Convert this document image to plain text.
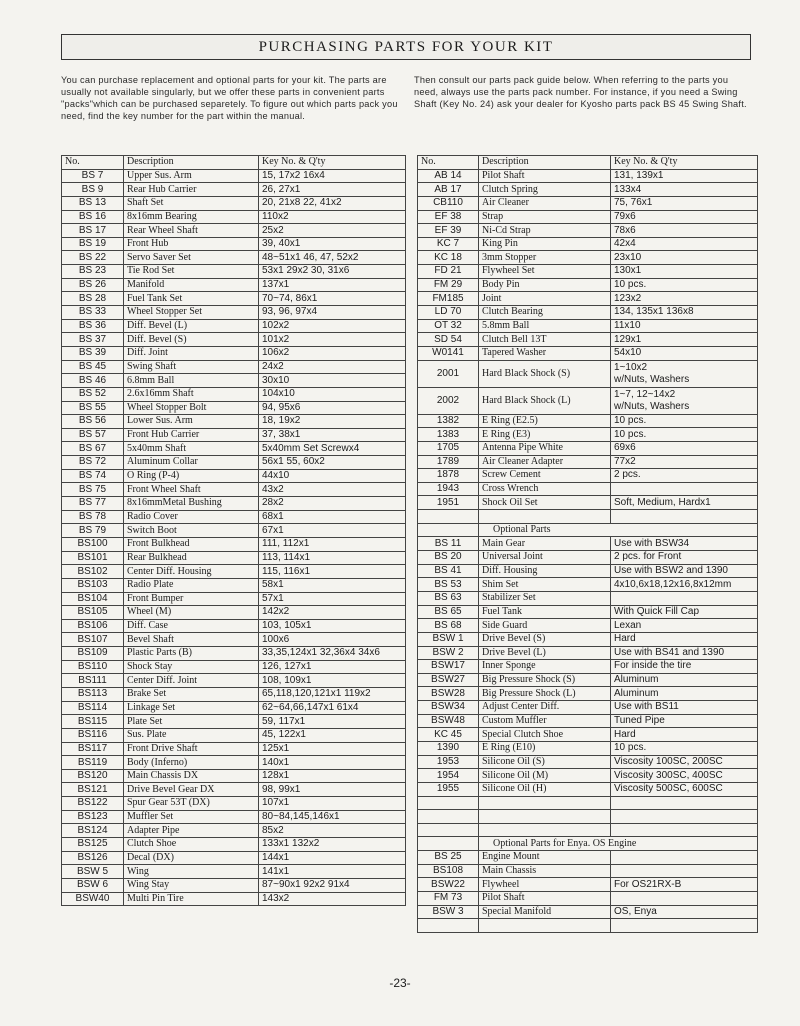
PURCHASING PARTS FOR YOUR KIT

You can purchase replacement and optional parts for your kit. The parts are usually not available singularly, but we offer these parts in convenient parts "packs"which can be purchased separetely. To figure out which parts pack you need, find the key number for the part within the manual.

Then consult our parts pack guide below. When referring to the parts you need, always use the parts pack number. For instance, if you need a Swing Shaft (Key No. 24) ask your dealer for Kyosho parts pack BS 45 Swing Shaft.

No.	Description	Key No. & Q'ty
BS 7	Upper Sus. Arm	15, 17x2 16x4
BS 9	Rear Hub Carrier	26, 27x1
BS 13	Shaft Set	20, 21x8 22, 41x2
BS 16	8x16mm Bearing	110x2
BS 17	Rear Wheel Shaft	25x2
BS 19	Front Hub	39, 40x1
BS 22	Servo Saver Set	48~51x1 46, 47, 52x2
BS 23	Tie Rod Set	53x1 29x2 30, 31x6
BS 26	Manifold	137x1
BS 28	Fuel Tank Set	70~74, 86x1
BS 33	Wheel Stopper Set	93, 96, 97x4
BS 36	Diff. Bevel (L)	102x2
BS 37	Diff. Bevel (S)	101x2
BS 39	Diff. Joint	106x2
BS 45	Swing Shaft	24x2
BS 46	6.8mm Ball	30x10
BS 52	2.6x16mm Shaft	104x10
BS 55	Wheel Stopper Bolt	94, 95x6
BS 56	Lower Sus. Arm	18, 19x2
BS 57	Front Hub Carrier	37, 38x1
BS 67	5x40mm Shaft	5x40mm Set Screwx4
BS 72	Aluminum Collar	56x1 55, 60x2
BS 74	O Ring (P-4)	44x10
BS 75	Front Wheel Shaft	43x2
BS 77	8x16mmMetal Bushing	28x2
BS 78	Radio Cover	68x1
BS 79	Switch Boot	67x1
BS100	Front Bulkhead	111, 112x1
BS101	Rear Bulkhead	113, 114x1
BS102	Center Diff. Housing	115, 116x1
BS103	Radio Plate	58x1
BS104	Front Bumper	57x1
BS105	Wheel (M)	142x2
BS106	Diff. Case	103, 105x1
BS107	Bevel Shaft	100x6
BS109	Plastic Parts (B)	33,35,124x1 32,36x4 34x6
BS110	Shock Stay	126, 127x1
BS111	Center Diff. Joint	108, 109x1
BS113	Brake Set	65,118,120,121x1 119x2
BS114	Linkage Set	62~64,66,147x1 61x4
BS115	Plate Set	59, 117x1
BS116	Sus. Plate	45, 122x1
BS117	Front Drive Shaft	125x1
BS119	Body (Inferno)	140x1
BS120	Main Chassis DX	128x1
BS121	Drive Bevel Gear DX	98, 99x1
BS122	Spur Gear 53T (DX)	107x1
BS123	Muffler Set	80~84,145,146x1
BS124	Adapter Pipe	85x2
BS125	Clutch Shoe	133x1 132x2
BS126	Decal (DX)	144x1
BSW 5	Wing	141x1
BSW 6	Wing Stay	87~90x1 92x2 91x4
BSW40	Multi Pin Tire	143x2
No.	Description	Key No. & Q'ty
AB 14	Pilot Shaft	131, 139x1
AB 17	Clutch Spring	133x4
CB110	Air Cleaner	75, 76x1
EF 38	Strap	79x6
EF 39	Ni-Cd Strap	78x6
KC 7	King Pin	42x4
KC 18	3mm Stopper	23x10
FD 21	Flywheel Set	130x1
FM 29	Body Pin	10 pcs.
FM185	Joint	123x2
LD 70	Clutch Bearing	134, 135x1 136x8
OT 32	5.8mm Ball	11x10
SD 54	Clutch Bell 13T	129x1
W0141	Tapered Washer	54x10
2001	Hard Black Shock (S)	1~10x2
w/Nuts, Washers

2002	Hard Black Shock (L)	1~7, 12~14x2
w/Nuts, Washers

1382	E Ring (E2.5)	10 pcs.
1383	E Ring (E3)	10 pcs.
1705	Antenna Pipe White	69x6
1789	Air Cleaner Adapter	77x2
1878	Screw Cement	2 pcs.
1943	Cross Wrench	
1951	Shock Oil Set	Soft, Medium, Hardx1

	Optional Parts	
BS 11	Main Gear	Use with BSW34
BS 20	Universal Joint	2 pcs. for Front
BS 41	Diff. Housing	Use with BSW2 and 1390
BS 53	Shim Set	4x10,6x18,12x16,8x12mm
BS 63	Stabilizer Set	
BS 65	Fuel Tank	With Quick Fill Cap
BS 68	Side Guard	Lexan
BSW 1	Drive Bevel (S)	Hard
BSW 2	Drive Bevel (L)	Use with BS41 and 1390
BSW17	Inner Sponge	For inside the tire
BSW27	Big Pressure Shock (S)	Aluminum
BSW28	Big Pressure Shock (L)	Aluminum
BSW34	Adjust Center Diff.	Use with BS11
BSW48	Custom Muffler	Tuned Pipe
KC 45	Special Clutch Shoe	Hard
1390	E Ring (E10)	10 pcs.
1953	Silicone Oil (S)	Viscosity 100SC, 200SC
1954	Silicone Oil (M)	Viscosity 300SC, 400SC
1955	Silicone Oil (H)	Viscosity 500SC, 600SC

	Optional Parts for Enya. OS Engine	
BS 25	Engine Mount	
BS108	Main Chassis	
BSW22	Flywheel	For OS21RX-B
FM 73	Pilot Shaft	
BSW 3	Special Manifold	OS, Enya

-23-
